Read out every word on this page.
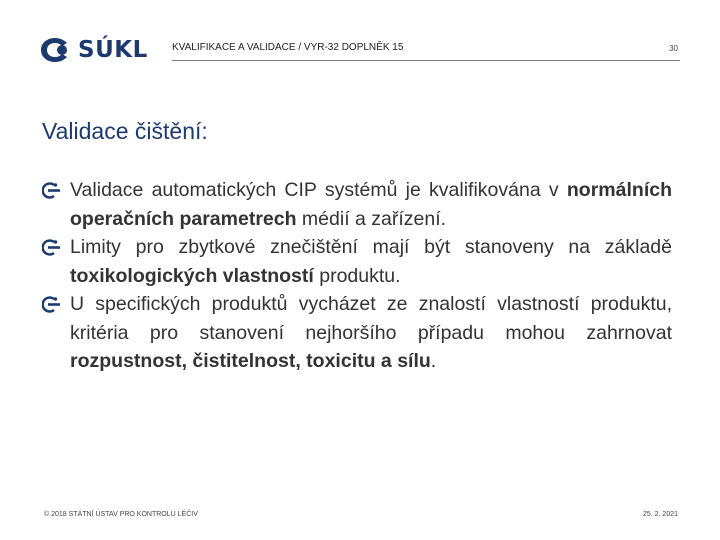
SÚKL KVALIFIKACE A VALIDACE / VYR-32 DOPLNĚK 15	30
Validace čištění:
Validace automatických CIP systémů je kvalifikována v normálních operačních parametrech médií a zařízení.
Limity pro zbytkové znečištění mají být stanoveny na základě toxikologických vlastností produktu.
U specifických produktů vycházet ze znalostí vlastností produktu, kritéria pro stanovení nejhoršího případu mohou zahrnovat rozpustnost, čistitelnost, toxicitu a sílu.
© 2018 STÁTNÍ ÚSTAV PRO KONTROLU LÉČIV	25. 2. 2021
